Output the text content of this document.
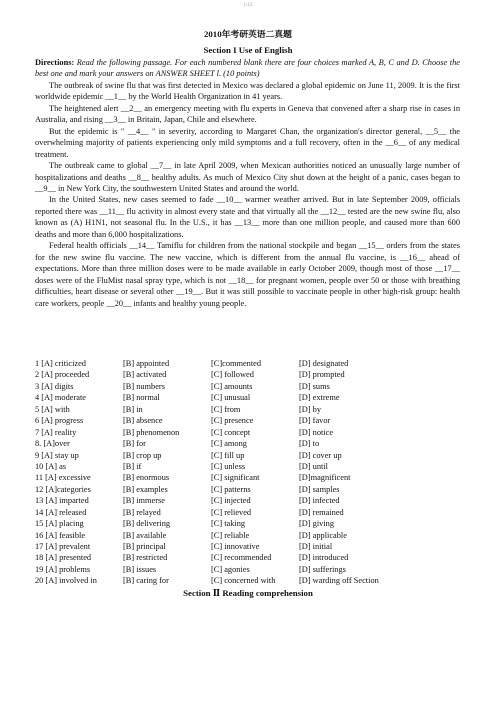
1/15
2010年考研英语二真题
Section I Use of English

Directions: Read the following passage. For each numbered blank there are four choices marked A, B, C and D. Choose the best one and mark your answers on ANSWER SHEET l. (10 points)

The outbreak of swine flu that was first detected in Mexico was declared a global epidemic on June 11, 2009. It is the first worldwide epidemic __1__ by the World Health Organization in 41 years.

The heightened alert __2__ an emergency meeting with flu experts in Geneva that convened after a sharp rise in cases in Australia, and rising __3__ in Britain, Japan, Chile and elsewhere.

But the epidemic is " __4__ " in severity, according to Margaret Chan, the organization's director general, __5__ the overwhelming majority of patients experiencing only mild symptoms and a full recovery, often in the __6__ of any medical treatment.

The outbreak came to global __7__ in late April 2009, when Mexican authorities noticed an unusually large number of hospitalizations and deaths __8__ healthy adults. As much of Mexico City shut down at the height of a panic, cases began to __9__ in New York City, the southwestern United States and around the world.

In the United States, new cases seemed to fade __10__ warmer weather arrived. But in late September 2009, officials reported there was __11__ flu activity in almost every state and that virtually all the __12__ tested are the new swine flu, also known as (A) H1N1, not seasonal flu. In the U.S., it has __13__ more than one million people, and caused more than 600 deaths and more than 6,000 hospitalizations.

Federal health officials __14__ Tamiflu for children from the national stockpile and began __15__ orders from the states for the new swine flu vaccine. The new vaccine, which is different from the annual flu vaccine, is __16__ ahead of expectations. More than three million doses were to be made available in early October 2009, though most of those __17__ doses were of the FluMist nasal spray type, which is not __18__ for pregnant women, people over 50 or those with breathing difficulties, heart disease or several other __19__. But it was still possible to vaccinate people in other high-risk group: health care workers, people __20__ infants and healthy young people.

1 [A] criticized	[B] appointed	[C]commented	[D] designated
2 [A] proceeded	[B] activated	[C] followed	[D] prompted
3 [A] digits	[B] numbers	[C] amounts	[D] sums
4 [A] moderate	[B] normal	[C] unusual	[D] extreme
5 [A] with	[B] in	[C] from	[D] by
6 [A] progress	[B] absence	[C] presence	[D] favor
7 [A] reality	[B] phenomenon	[C] concept	[D] notice
8. [A]over	[B] for	[C] among	[D] to
9 [A] stay up	[B] crop up	[C] fill up	[D] cover up
10 [A] as	[B] if	[C] unless	[D] until
11 [A] excessive	[B] enormous	[C] significant	[D]magnificent
12 [A]categories	[B] examples	[C] patterns	[D] samples
13 [A] imparted	[B] immerse	[C] injected	[D] infected
14 [A] released	[B] relayed	[C] relieved	[D] remained
15 [A] placing	[B] delivering	[C] taking	[D] giving
16 [A] feasible	[B] available	[C] reliable	[D] applicable
17 [A] prevalent	[B] principal	[C] innovative	[D] initial
18 [A] presented	[B] restricted	[C] recommended	[D] introduced
19 [A] problems	[B] issues	[C] agonies	[D] sufferings
20 [A] involved in	[B] caring for	[C] concerned with	[D] warding off Section
Section Ⅱ Reading comprehension
